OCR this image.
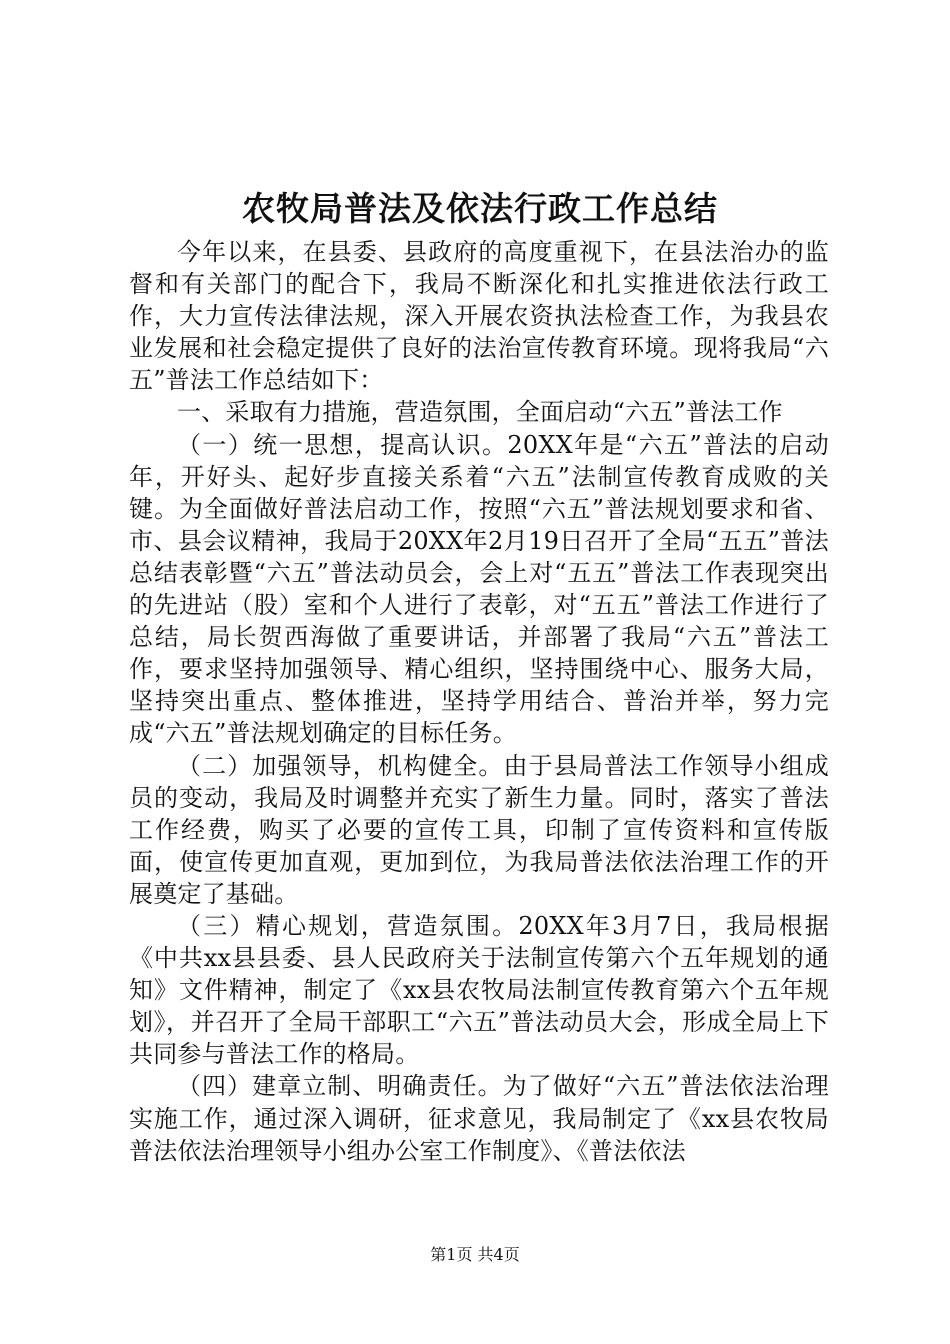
农牧局普法及依法行政工作总结

今年以来，在县委、县政府的高度重视下，在县法治办的监督和有关部门的配合下，我局不断深化和扎实推进依法行政工作，大力宣传法律法规，深入开展农资执法检查工作，为我县农业发展和社会稳定提供了良好的法治宣传教育环境。现将我局“六五”普法工作总结如下：

一、采取有力措施，营造氛围，全面启动“六五”普法工作

（一）统一思想，提高认识。20XX年是“六五”普法的启动年，开好头、起好步直接关系着“六五”法制宣传教育成败的关键。为全面做好普法启动工作，按照“六五”普法规划要求和省、市、县会议精神，我局于20XX年2月19日召开了全局“五五”普法总结表彰暨“六五”普法动员会，会上对“五五”普法工作表现突出的先进站（股）室和个人进行了表彰，对“五五”普法工作进行了总结，局长贺西海做了重要讲话，并部署了我局“六五”普法工作，要求坚持加强领导、精心组织，坚持围绕中心、服务大局，坚持突出重点、整体推进，坚持学用结合、普治并举，努力完成“六五”普法规划确定的目标任务。

（二）加强领导，机构健全。由于县局普法工作领导小组成员的变动，我局及时调整并充实了新生力量。同时，落实了普法工作经费，购买了必要的宣传工具，印制了宣传资料和宣传版面，使宣传更加直观，更加到位，为我局普法依法治理工作的开展奠定了基础。

（三）精心规划，营造氛围。20XX年3月7日，我局根据《中共xx县县委、县人民政府关于法制宣传第六个五年规划的通知》文件精神，制定了《xx县农牧局法制宣传教育第六个五年规划》，并召开了全局干部职工“六五”普法动员大会，形成全局上下共同参与普法工作的格局。

（四）建章立制、明确责任。为了做好“六五”普法依法治理实施工作，通过深入调研，征求意见，我局制定了《xx县农牧局普法依法治理领导小组办公室工作制度》、《普法依法

第1页 共4页
